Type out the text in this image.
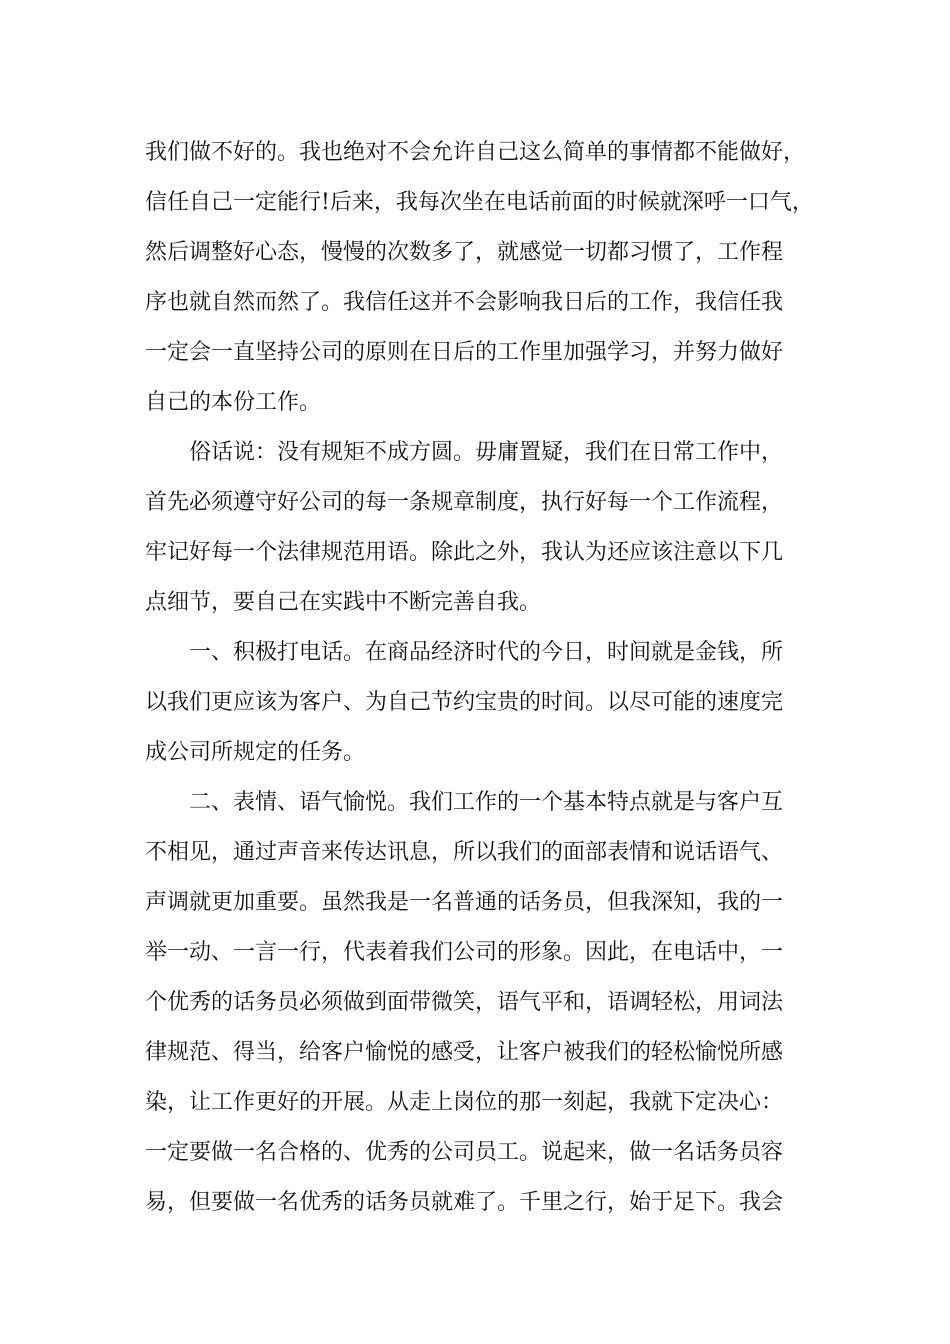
我们做不好的。我也绝对不会允许自己这么简单的事情都不能做好，
信任自己一定能行!后来，我每次坐在电话前面的时候就深呼一口气，
然后调整好心态，慢慢的次数多了，就感觉一切都习惯了，工作程
序也就自然而然了。我信任这并不会影响我日后的工作，我信任我
一定会一直坚持公司的原则在日后的工作里加强学习，并努力做好
自己的本份工作。
　　俗话说：没有规矩不成方圆。毋庸置疑，我们在日常工作中，
首先必须遵守好公司的每一条规章制度，执行好每一个工作流程，
牢记好每一个法律规范用语。除此之外，我认为还应该注意以下几
点细节，要自己在实践中不断完善自我。
　　一、积极打电话。在商品经济时代的今日，时间就是金钱，所
以我们更应该为客户、为自己节约宝贵的时间。以尽可能的速度完
成公司所规定的任务。
　　二、表情、语气愉悦。我们工作的一个基本特点就是与客户互
不相见，通过声音来传达讯息，所以我们的面部表情和说话语气、
声调就更加重要。虽然我是一名普通的话务员，但我深知，我的一
举一动、一言一行，代表着我们公司的形象。因此，在电话中，一
个优秀的话务员必须做到面带微笑，语气平和，语调轻松，用词法
律规范、得当，给客户愉悦的感受，让客户被我们的轻松愉悦所感
染，让工作更好的开展。从走上岗位的那一刻起，我就下定决心：
一定要做一名合格的、优秀的公司员工。说起来，做一名话务员容
易，但要做一名优秀的话务员就难了。千里之行，始于足下。我会
